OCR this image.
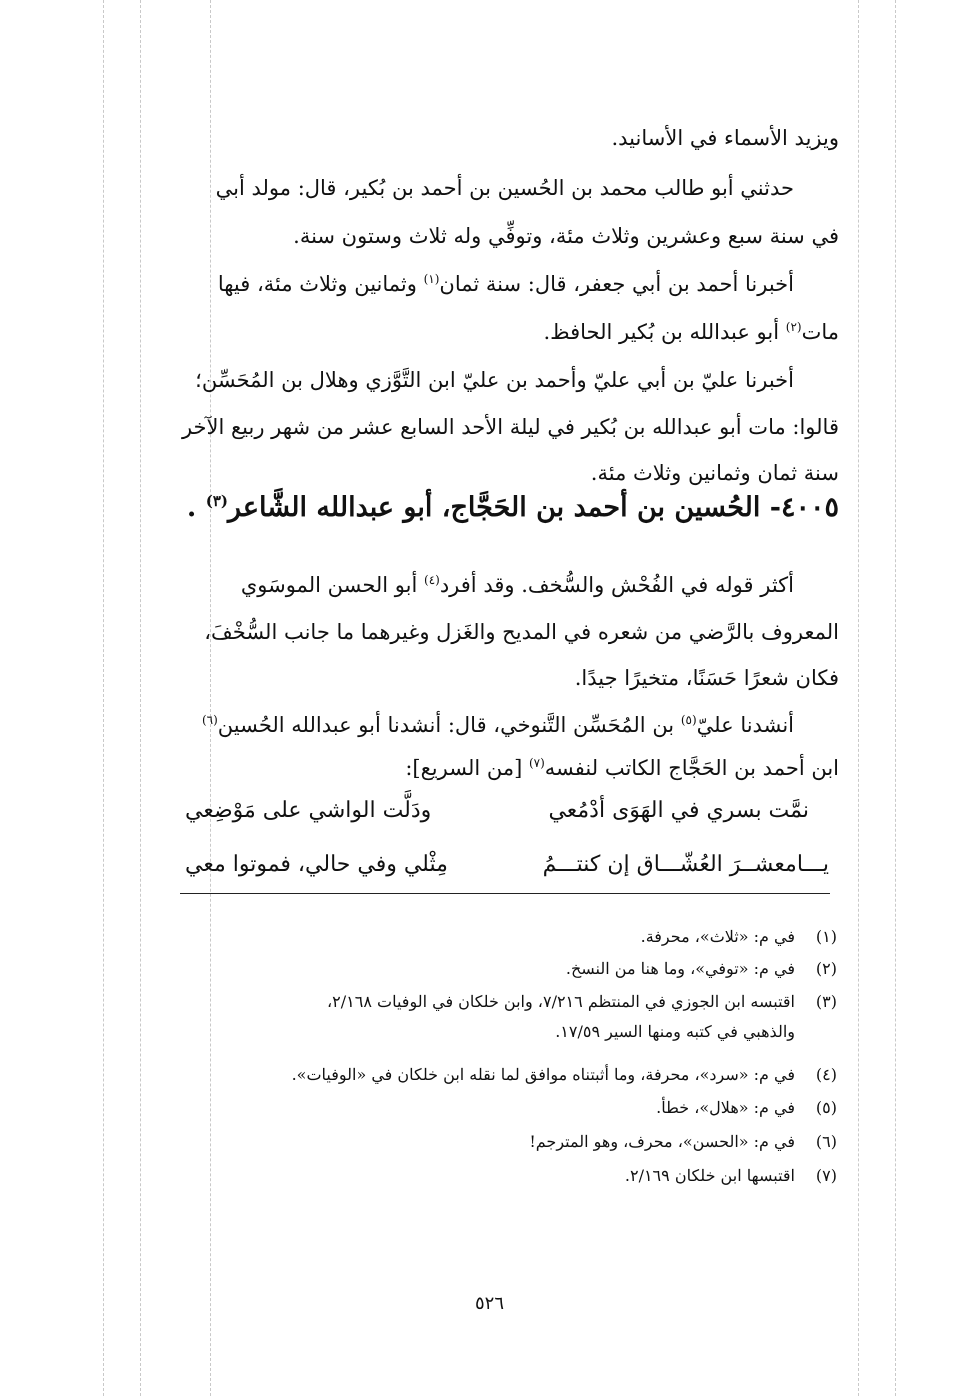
ويزيد الأسماء في الأسانيد.
حدثني أبو طالب محمد بن الحُسين بن أحمد بن بُكير، قال: مولد أبي
في سنة سبع وعشرين وثلاث مئة، وتوفِّي وله ثلاث وستون سنة.
أخبرنا أحمد بن أبي جعفر، قال: سنة ثمان$^{(١)}$ وثمانين وثلاث مئة، فيها
مات$^{(٢)}$ أبو عبدالله بن بُكير الحافظ.
أخبرنا عليّ بن أبي عليّ وأحمد بن عليّ ابن التَّوَّزي وهلال بن المُحَسِّن؛
قالوا: مات أبو عبدالله بن بُكير في ليلة الأحد السابع عشر من شهر ربيع الآخر
سنة ثمان وثمانين وثلاث مئة.
٤٠٠٥- الحُسين بن أحمد بن الحَجَّاج، أبو عبدالله الشَّاعر$^{(٣)}$ .
أكثر قوله في الفُحْش والسُّخف. وقد أفرد$^{(٤)}$ أبو الحسن الموسَوي
المعروف بالرَّضي من شعره في المديح والغَزل وغيرهما ما جانب السُّخْفَ،
فكان شعرًا حَسَنًا، متخيرًا جيدًا.
أنشدنا عليّ$^{(٥)}$ بن المُحَسِّن التَّنوخي، قال: أنشدنا أبو عبدالله الحُسين$^{(٦)}$
ابن أحمد بن الحَجَّاج الكاتب لنفسه$^{(٧)}$ [من السريع]:
نمَّت بسري في الهَوَى أدْمُعي
ودَلَّت الواشي على مَوْضِعي
يـــامعشــرَ العُشّـــاق إن كنتـــمُ
مِثْلي وفي حالي، فموتوا معي
(١)في م: «ثلاث»، محرفة.
(٢)في م: «توفي»، وما هنا من النسخ.
(٣)اقتبسه ابن الجوزي في المنتظم ٧/٢١٦، وابن خلكان في الوفيات ٢/١٦٨،
والذهبي في كتبه ومنها السير ١٧/٥٩.
(٤)في م: «سرد»، محرفة، وما أثبتناه موافق لما نقله ابن خلكان في «الوفيات».
(٥)في م: «هلال»، خطأ.
(٦)في م: «الحسن»، محرف، وهو المترجم!
(٧)اقتبسها ابن خلكان ٢/١٦٩.
٥٢٦
